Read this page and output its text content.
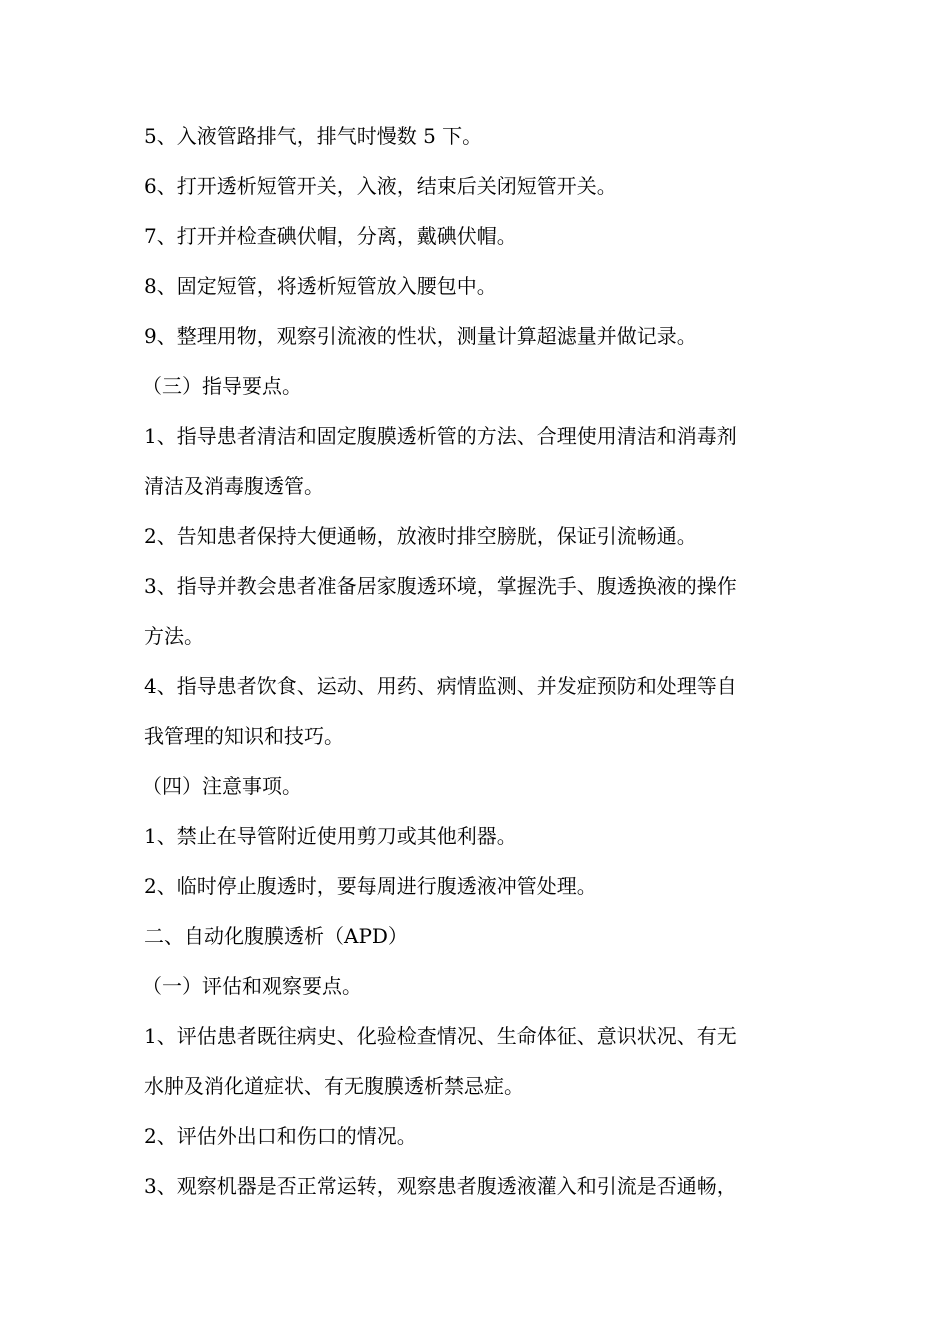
5、入液管路排气，排气时慢数 5 下。
6、打开透析短管开关，入液，结束后关闭短管开关。
7、打开并检查碘伏帽，分离，戴碘伏帽。
8、固定短管，将透析短管放入腰包中。
9、整理用物，观察引流液的性状，测量计算超滤量并做记录。
（三）指导要点。
1、指导患者清洁和固定腹膜透析管的方法、合理使用清洁和消毒剂
清洁及消毒腹透管。
2、告知患者保持大便通畅，放液时排空膀胱，保证引流畅通。
3、指导并教会患者准备居家腹透环境，掌握洗手、腹透换液的操作
方法。
4、指导患者饮食、运动、用药、病情监测、并发症预防和处理等自
我管理的知识和技巧。
（四）注意事项。
1、禁止在导管附近使用剪刀或其他利器。
2、临时停止腹透时，要每周进行腹透液冲管处理。
二、自动化腹膜透析（APD）
（一）评估和观察要点。
1、评估患者既往病史、化验检查情况、生命体征、意识状况、有无
水肿及消化道症状、有无腹膜透析禁忌症。
2、评估外出口和伤口的情况。
3、观察机器是否正常运转，观察患者腹透液灌入和引流是否通畅，
